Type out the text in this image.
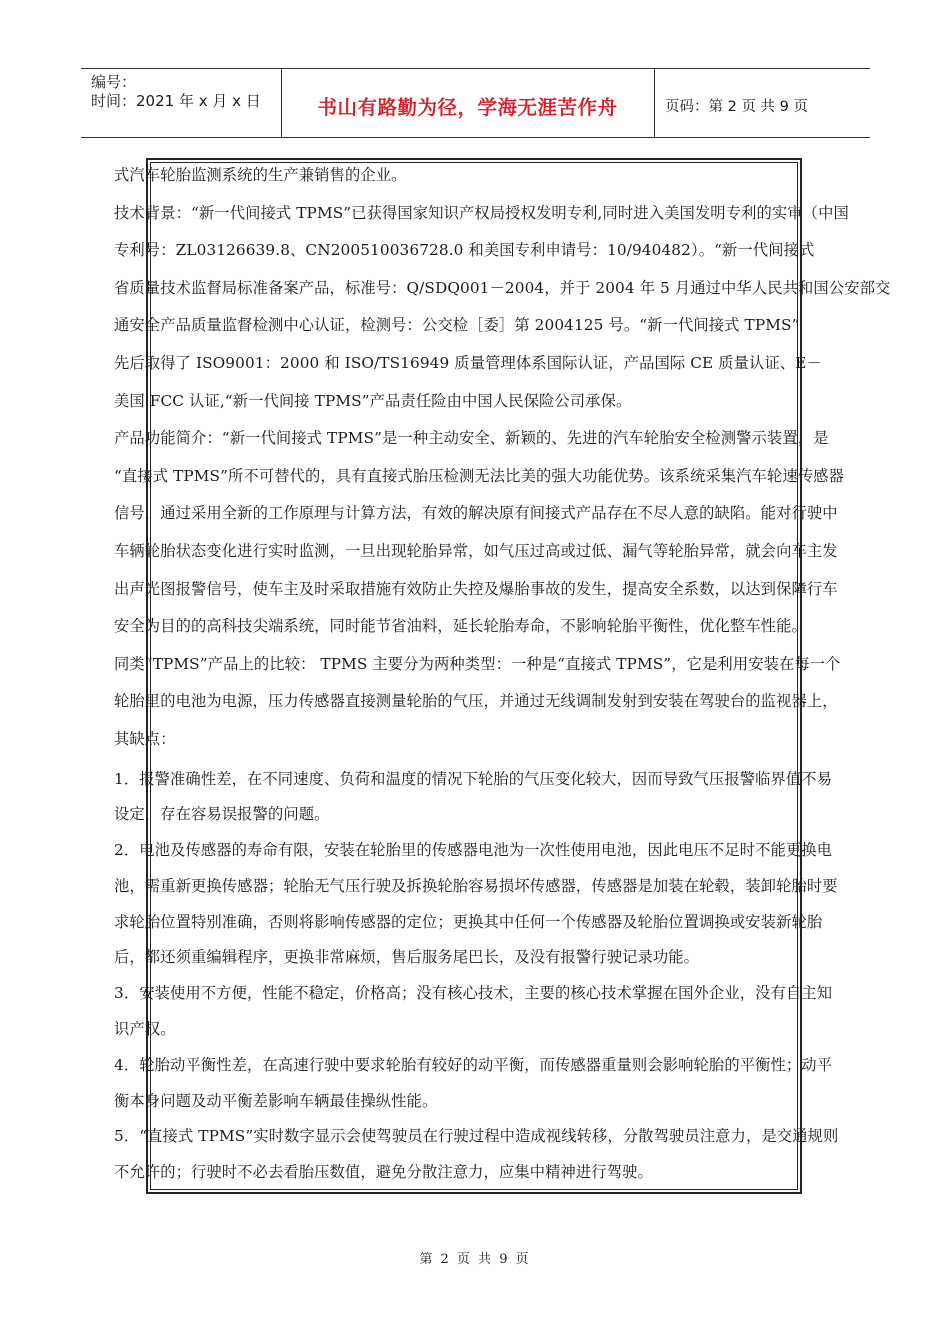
编号：
时间：2021 年 x 月 x 日	书山有路勤为径，学海无涯苦作舟	页码：第 2 页 共 9 页
式汽车轮胎监测系统的生产兼销售的企业。
技术背景：“新一代间接式 TPMS”已获得国家知识产权局授权发明专利,同时进入美国发明专利的实审（中国
专利号：ZL03126639.8、CN200510036728.0 和美国专利申请号：10/940482）。“新一代间接式
省质量技术监督局标准备案产品，标准号：Q/SDQ001－2004，并于 2004 年 5 月通过中华人民共和国公安部交
通安全产品质量监督检测中心认证，检测号：公交检［委］第 2004125 号。“新一代间接式 TPMS”
先后取得了 ISO9001：2000 和 ISO/TS16949 质量管理体系国际认证，产品国际 CE 质量认证、E－
美国 FCC 认证,“新一代间接 TPMS”产品责任险由中国人民保险公司承保。
产品功能简介：“新一代间接式 TPMS”是一种主动安全、新颖的、先进的汽车轮胎安全检测警示装置，是
“直接式 TPMS”所不可替代的，具有直接式胎压检测无法比美的强大功能优势。该系统采集汽车轮速传感器
信号，通过采用全新的工作原理与计算方法，有效的解决原有间接式产品存在不尽人意的缺陷。能对行驶中
车辆轮胎状态变化进行实时监测，一旦出现轮胎异常，如气压过高或过低、漏气等轮胎异常，就会向车主发
出声光图报警信号，使车主及时采取措施有效防止失控及爆胎事故的发生，提高安全系数，以达到保障行车
安全为目的的高科技尖端系统，同时能节省油料，延长轮胎寿命，不影响轮胎平衡性，优化整车性能。
同类“TPMS”产品上的比较： TPMS 主要分为两种类型：一种是“直接式 TPMS”，它是利用安装在每一个
轮胎里的电池为电源，压力传感器直接测量轮胎的气压，并通过无线调制发射到安装在驾驶台的监视器上，
其缺点：
1．报警准确性差，在不同速度、负荷和温度的情况下轮胎的气压变化较大，因而导致气压报警临界值不易
设定，存在容易误报警的问题。
2．电池及传感器的寿命有限，安装在轮胎里的传感器电池为一次性使用电池，因此电压不足时不能更换电
池，需重新更换传感器；轮胎无气压行驶及拆换轮胎容易损坏传感器，传感器是加装在轮毂，装卸轮胎时要
求轮胎位置特别准确，否则将影响传感器的定位；更换其中任何一个传感器及轮胎位置调换或安装新轮胎
后，都还须重编辑程序，更换非常麻烦，售后服务尾巴长，及没有报警行驶记录功能。
3．安装使用不方便，性能不稳定，价格高；没有核心技术，主要的核心技术掌握在国外企业，没有自主知
识产权。
4．轮胎动平衡性差，在高速行驶中要求轮胎有较好的动平衡，而传感器重量则会影响轮胎的平衡性；动平
衡本身问题及动平衡差影响车辆最佳操纵性能。
5．“直接式 TPMS”实时数字显示会使驾驶员在行驶过程中造成视线转移，分散驾驶员注意力，是交通规则
不允许的；行驶时不必去看胎压数值，避免分散注意力，应集中精神进行驾驶。
第 2 页 共 9 页
